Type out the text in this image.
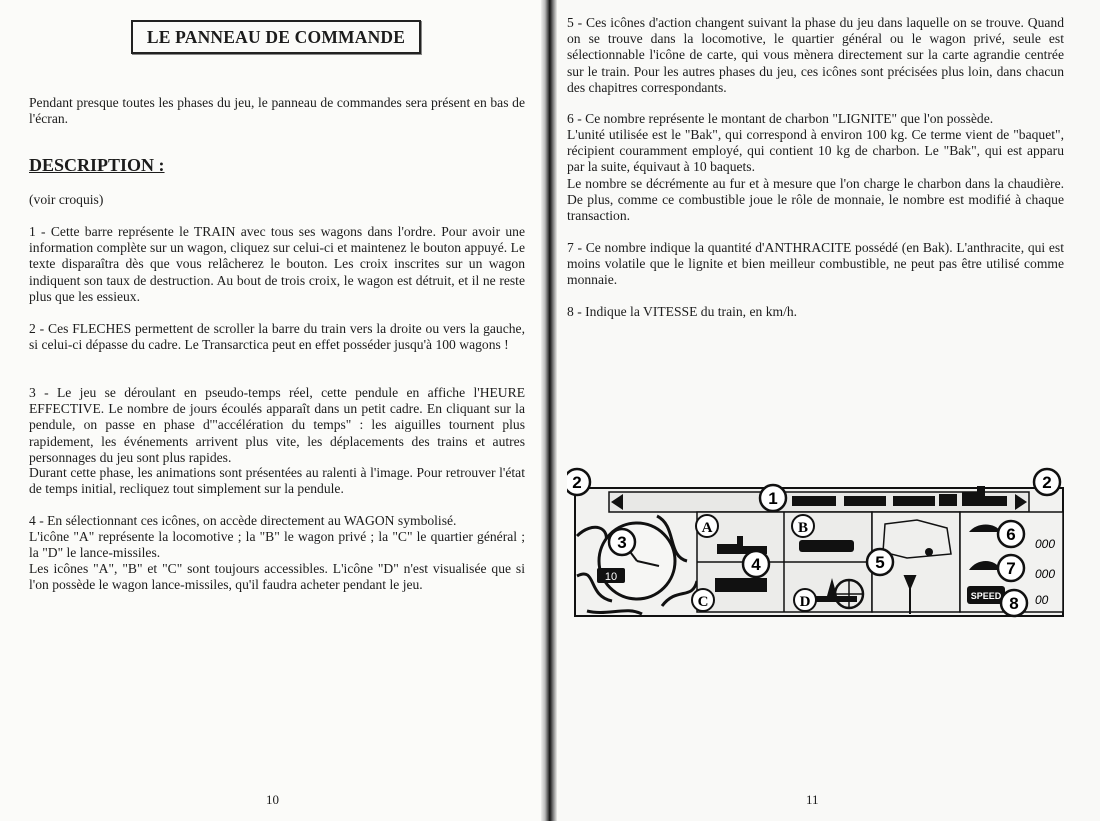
LE PANNEAU DE COMMANDE
Pendant presque toutes les phases du jeu, le panneau de commandes sera présent en bas de l'écran.
DESCRIPTION :
(voir croquis)
1 - Cette barre représente le TRAIN avec tous ses wagons dans l'ordre. Pour avoir une information complète sur un wagon, cliquez sur celui-ci et maintenez le bouton appuyé. Le texte disparaîtra dès que vous relâcherez le bouton. Les croix inscrites sur un wagon indiquent son taux de destruction. Au bout de trois croix, le wagon est détruit, et il ne reste plus que les essieux.
2 - Ces FLECHES permettent de scroller la barre du train vers la droite ou vers la gauche, si celui-ci dépasse du cadre. Le Transarctica peut en effet posséder jusqu'à 100 wagons !
3 - Le jeu se déroulant en pseudo-temps réel, cette pendule en affiche l'HEURE EFFECTIVE. Le nombre de jours écoulés apparaît dans un petit cadre. En cliquant sur la pendule, on passe en phase d'"accélération du temps" : les aiguilles tournent plus rapidement, les événements arrivent plus vite, les déplacements des trains et autres personnages du jeu sont plus rapides.
Durant cette phase, les animations sont présentées au ralenti à l'image. Pour retrouver l'état de temps initial, recliquez tout simplement sur la pendule.
4 - En sélectionnant ces icônes, on accède directement au WAGON symbolisé.
L'icône "A" représente la locomotive ; la "B" le wagon privé ; la "C" le quartier général ; la "D" le lance-missiles.
Les icônes "A", "B" et "C" sont toujours accessibles. L'icône "D" n'est visualisée que si l'on possède le wagon lance-missiles, qu'il faudra acheter pendant le jeu.
10
5 - Ces icônes d'action changent suivant la phase du jeu dans laquelle on se trouve. Quand on se trouve dans la locomotive, le quartier général ou le wagon privé, seule est sélectionnable l'icône de carte, qui vous mènera directement sur la carte agrandie centrée sur le train. Pour les autres phases du jeu, ces icônes sont précisées plus loin, dans chacun des chapitres correspondants.
6 - Ce nombre représente le montant de charbon "LIGNITE" que l'on possède.
L'unité utilisée est le "Bak", qui correspond à environ 100 kg. Ce terme vient de "baquet", récipient couramment employé, qui contient 10 kg de charbon. Le "Bak", qui est apparu par la suite, équivaut à 10 baquets.
Le nombre se décrémente au fur et à mesure que l'on charge le charbon dans la chaudière. De plus, comme ce combustible joue le rôle de monnaie, le nombre est modifié à chaque transaction.
7 - Ce nombre indique la quantité d'ANTHRACITE possédé (en Bak). L'anthracite, qui est moins volatile que le lignite et bien meilleur combustible, ne peut pas être utilisé comme monnaie.
8 - Indique la VITESSE du train, en km/h.
11
10
SPEED
000
000
00
A	B
C	D
2	2
1
3
4	5
6
7
8
